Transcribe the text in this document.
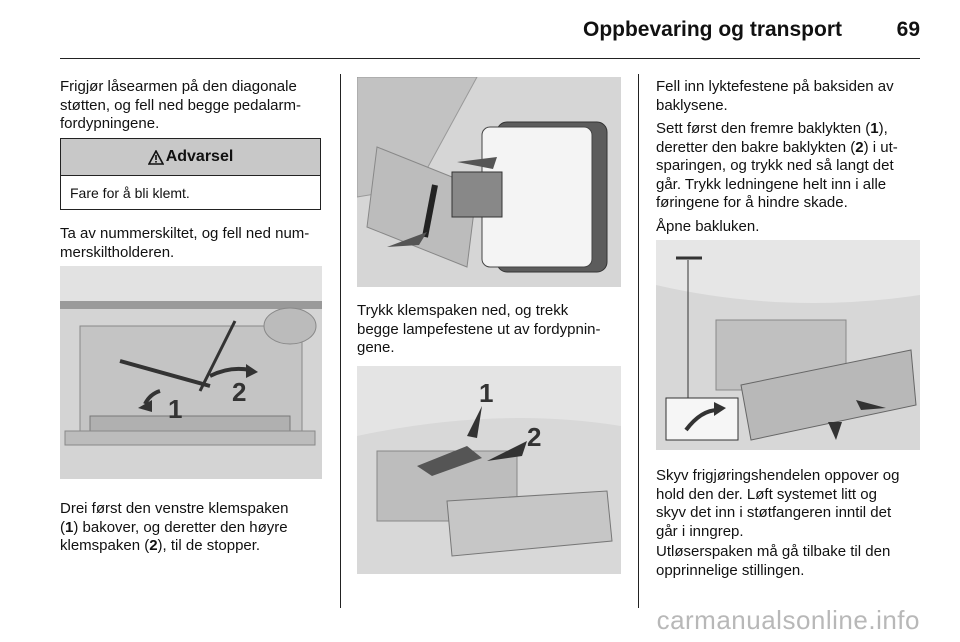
Oppbevaring og transport	69

Frigjør låsearmen på den diagonale
støtten, og fell ned begge pedalarm-
fordypningene.

Advarsel
Fare for å bli klemt.

Ta av nummerskiltet, og fell ned num-
merskiltholderen.

1
2

Drei først den venstre klemspaken
(1) bakover, og deretter den høyre
klemspaken (2), til de stopper.

Trykk klemspaken ned, og trekk
begge lampefestene ut av fordypnin-
gene.

1
2

Fell inn lyktefestene på baksiden av
baklysene.

Sett først den fremre baklykten (1),
deretter den bakre baklykten (2) i ut-
sparingen, og trykk ned så langt det
går. Trykk ledningene helt inn i alle
føringene for å hindre skade.

Åpne bakluken.

Skyv frigjøringshendelen oppover og
hold den der. Løft systemet litt og
skyv det inn i støtfangeren inntil det
går i inngrep.

Utløserspaken må gå tilbake til den
opprinnelige stillingen.

carmanualsonline.info
